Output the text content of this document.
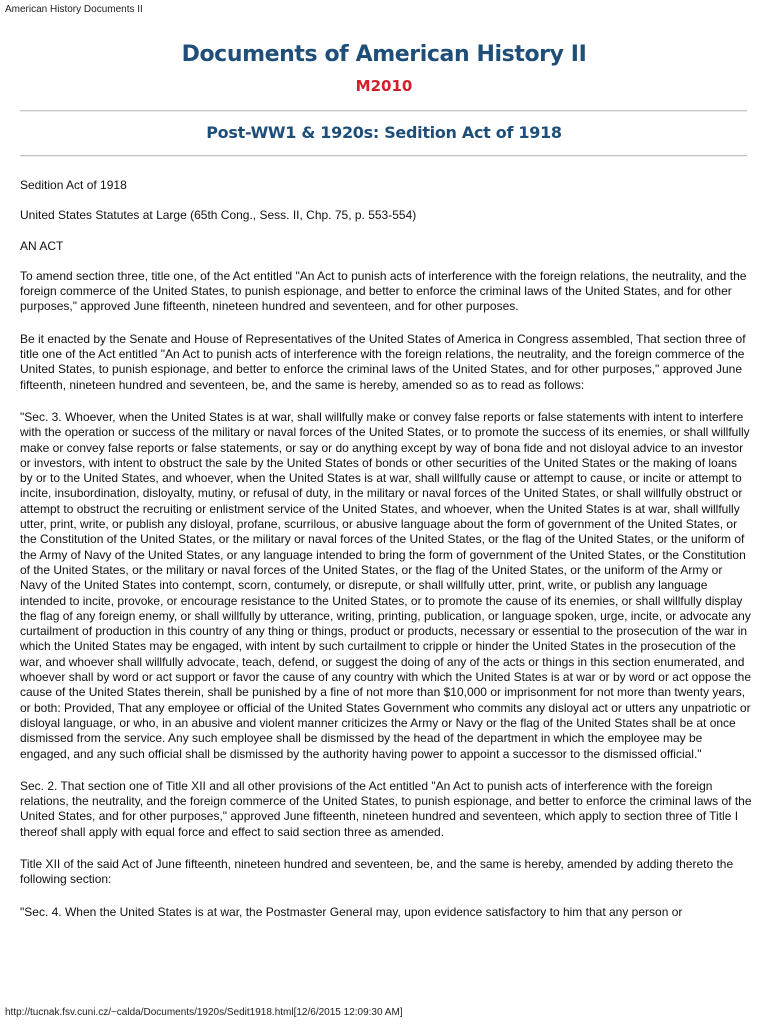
American History Documents II
Documents of American History II
M2010
Post-WW1 & 1920s: Sedition Act of 1918

Sedition Act of 1918

United States Statutes at Large (65th Cong., Sess. II, Chp. 75, p. 553-554)

AN ACT

To amend section three, title one, of the Act entitled "An Act to punish acts of interference with the foreign relations, the neutrality, and the foreign commerce of the United States, to punish espionage, and better to enforce the criminal laws of the United States, and for other purposes," approved June fifteenth, nineteen hundred and seventeen, and for other purposes.

Be it enacted by the Senate and House of Representatives of the United States of America in Congress assembled, That section three of title one of the Act entitled "An Act to punish acts of interference with the foreign relations, the neutrality, and the foreign commerce of the United States, to punish espionage, and better to enforce the criminal laws of the United States, and for other purposes," approved June fifteenth, nineteen hundred and seventeen, be, and the same is hereby, amended so as to read as follows:

"Sec. 3. Whoever, when the United States is at war, shall willfully make or convey false reports or false statements with intent to interfere with the operation or success of the military or naval forces of the United States, or to promote the success of its enemies, or shall willfully make or convey false reports or false statements, or say or do anything except by way of bona fide and not disloyal advice to an investor or investors, with intent to obstruct the sale by the United States of bonds or other securities of the United States or the making of loans by or to the United States, and whoever, when the United States is at war, shall willfully cause or attempt to cause, or incite or attempt to incite, insubordination, disloyalty, mutiny, or refusal of duty, in the military or naval forces of the United States, or shall willfully obstruct or attempt to obstruct the recruiting or enlistment service of the United States, and whoever, when the United States is at war, shall willfully utter, print, write, or publish any disloyal, profane, scurrilous, or abusive language about the form of government of the United States, or the Constitution of the United States, or the military or naval forces of the United States, or the flag of the United States, or the uniform of the Army of Navy of the United States, or any language intended to bring the form of government of the United States, or the Constitution of the United States, or the military or naval forces of the United States, or the flag of the United States, or the uniform of the Army or Navy of the United States into contempt, scorn, contumely, or disrepute, or shall willfully utter, print, write, or publish any language intended to incite, provoke, or encourage resistance to the United States, or to promote the cause of its enemies, or shall willfully display the flag of any foreign enemy, or shall willfully by utterance, writing, printing, publication, or language spoken, urge, incite, or advocate any curtailment of production in this country of any thing or things, product or products, necessary or essential to the prosecution of the war in which the United States may be engaged, with intent by such curtailment to cripple or hinder the United States in the prosecution of the war, and whoever shall willfully advocate, teach, defend, or suggest the doing of any of the acts or things in this section enumerated, and whoever shall by word or act support or favor the cause of any country with which the United States is at war or by word or act oppose the cause of the United States therein, shall be punished by a fine of not more than $10,000 or imprisonment for not more than twenty years, or both: Provided, That any employee or official of the United States Government who commits any disloyal act or utters any unpatriotic or disloyal language, or who, in an abusive and violent manner criticizes the Army or Navy or the flag of the United States shall be at once dismissed from the service. Any such employee shall be dismissed by the head of the department in which the employee may be engaged, and any such official shall be dismissed by the authority having power to appoint a successor to the dismissed official."

Sec. 2. That section one of Title XII and all other provisions of the Act entitled "An Act to punish acts of interference with the foreign relations, the neutrality, and the foreign commerce of the United States, to punish espionage, and better to enforce the criminal laws of the United States, and for other purposes," approved June fifteenth, nineteen hundred and seventeen, which apply to section three of Title I thereof shall apply with equal force and effect to said section three as amended.

Title XII of the said Act of June fifteenth, nineteen hundred and seventeen, be, and the same is hereby, amended by adding thereto the following section:

"Sec. 4. When the United States is at war, the Postmaster General may, upon evidence satisfactory to him that any person or

http://tucnak.fsv.cuni.cz/~calda/Documents/1920s/Sedit1918.html[12/6/2015 12:09:30 AM]
